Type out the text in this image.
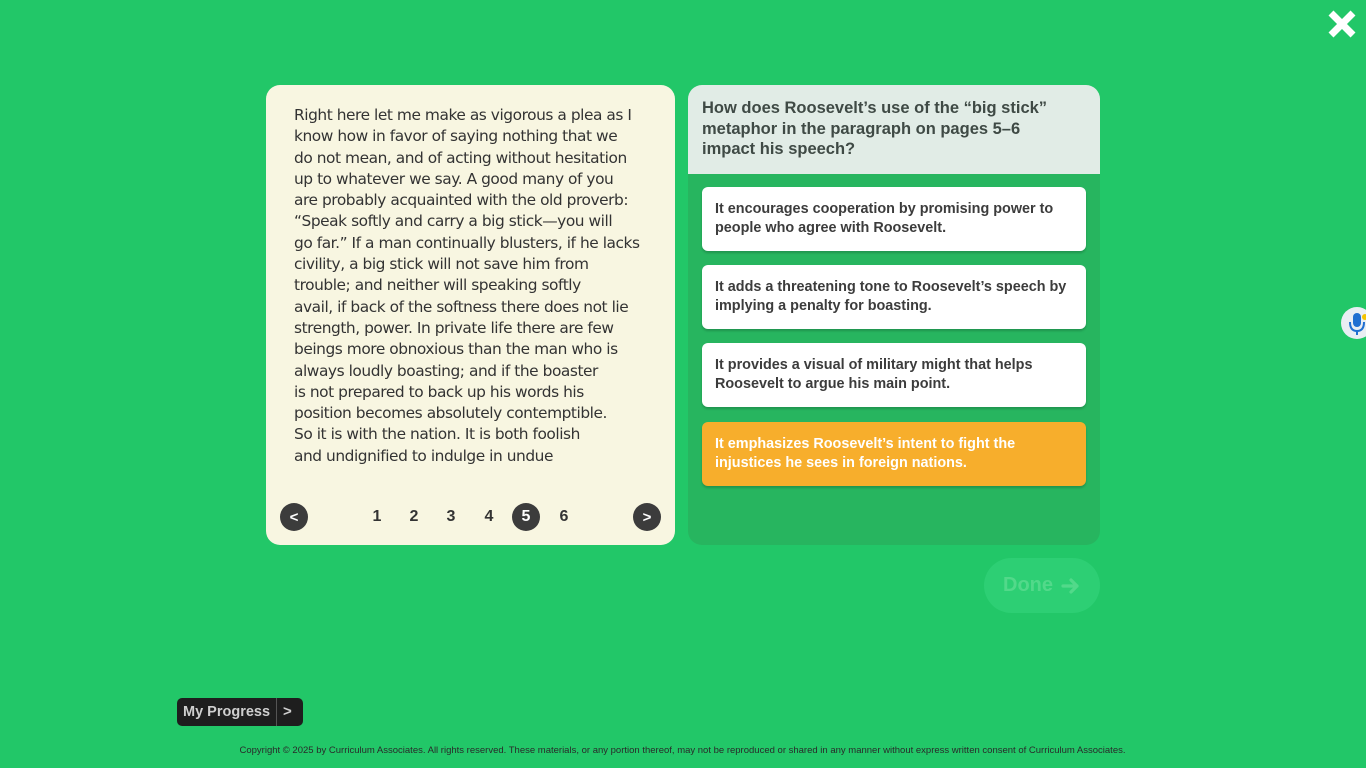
Right here let me make as vigorous a plea as I
know how in favor of saying nothing that we
do not mean, and of acting without hesitation
up to whatever we say. A good many of you
are probably acquainted with the old proverb:
“Speak softly and carry a big stick—you will
go far.” If a man continually blusters, if he lacks
civility, a big stick will not save him from
trouble; and neither will speaking softly
avail, if back of the softness there does not lie
strength, power. In private life there are few
beings more obnoxious than the man who is
always loudly boasting; and if the boaster
is not prepared to back up his words his
position becomes absolutely contemptible.
So it is with the nation. It is both foolish
and undignified to indulge in undue
<	1	2	3	4	5	6	>
How does Roosevelt’s use of the “big stick” metaphor in the paragraph on pages 5–6 impact his speech?
It encourages cooperation by promising power to people who agree with Roosevelt.
It adds a threatening tone to Roosevelt’s speech by implying a penalty for boasting.
It provides a visual of military might that helps Roosevelt to argue his main point.
It emphasizes Roosevelt’s intent to fight the injustices he sees in foreign nations.
Done
My Progress >
Copyright © 2025 by Curriculum Associates. All rights reserved. These materials, or any portion thereof, may not be reproduced or shared in any manner without express written consent of Curriculum Associates.
